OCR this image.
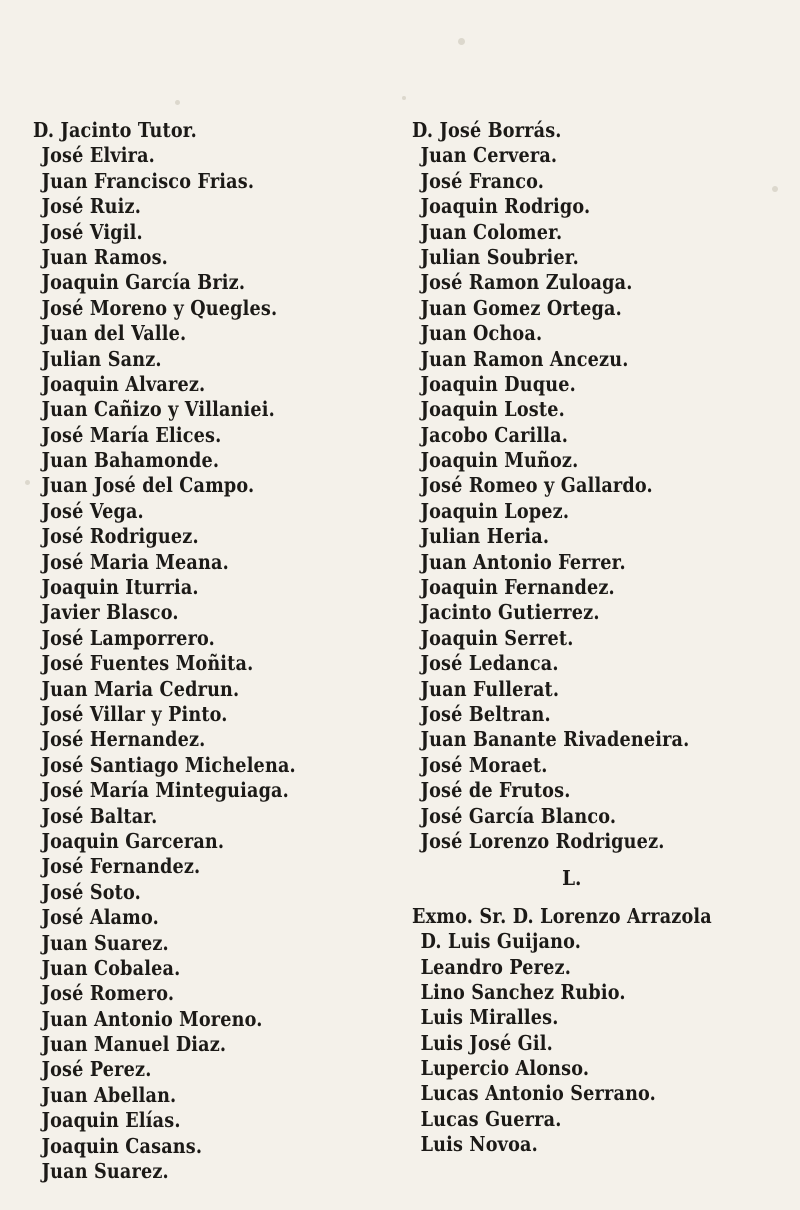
D. Jacinto Tutor.
José Elvira.
Juan Francisco Frias.
José Ruiz.
José Vigil.
Juan Ramos.
Joaquin García Briz.
José Moreno y Quegles.
Juan del Valle.
Julian Sanz.
Joaquin Alvarez.
Juan Cañizo y Villaniei.
José María Elices.
Juan Bahamonde.
Juan José del Campo.
José Vega.
José Rodriguez.
José Maria Meana.
Joaquin Iturria.
Javier Blasco.
José Lamporrero.
José Fuentes Moñita.
Juan Maria Cedrun.
José Villar y Pinto.
José Hernandez.
José Santiago Michelena.
José María Minteguiaga.
José Baltar.
Joaquin Garceran.
José Fernandez.
José Soto.
José Alamo.
Juan Suarez.
Juan Cobalea.
José Romero.
Juan Antonio Moreno.
Juan Manuel Diaz.
José Perez.
Juan Abellan.
Joaquin Elías.
Joaquin Casans.
Juan Suarez.
D. José Borrás.
Juan Cervera.
José Franco.
Joaquin Rodrigo.
Juan Colomer.
Julian Soubrier.
José Ramon Zuloaga.
Juan Gomez Ortega.
Juan Ochoa.
Juan Ramon Ancezu.
Joaquin Duque.
Joaquin Loste.
Jacobo Carilla.
Joaquin Muñoz.
José Romeo y Gallardo.
Joaquin Lopez.
Julian Heria.
Juan Antonio Ferrer.
Joaquin Fernandez.
Jacinto Gutierrez.
Joaquin Serret.
José Ledanca.
Juan Fullerat.
José Beltran.
Juan Banante Rivadeneira.
José Moraet.
José de Frutos.
José García Blanco.
José Lorenzo Rodriguez.
L.
Exmo. Sr. D. Lorenzo Arrazola
D. Luis Guijano.
Leandro Perez.
Lino Sanchez Rubio.
Luis Miralles.
Luis José Gil.
Lupercio Alonso.
Lucas Antonio Serrano.
Lucas Guerra.
Luis Novoa.
